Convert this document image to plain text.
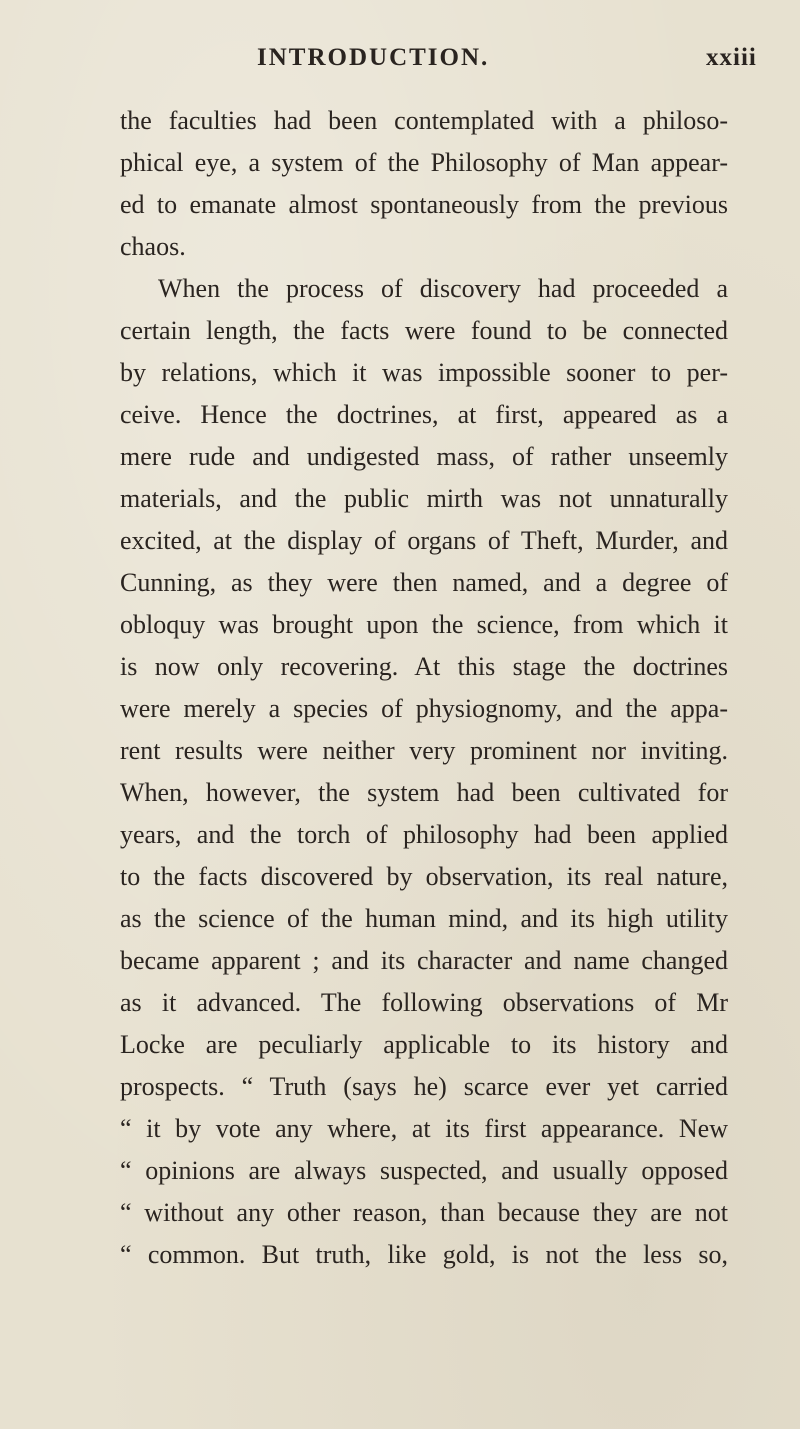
INTRODUCTION.	xxiii
the faculties had been contemplated with a philoso-
phical eye, a system of the Philosophy of Man appear-
ed to emanate almost spontaneously from the previous
chaos.
When the process of discovery had proceeded a
certain length, the facts were found to be connected
by relations, which it was impossible sooner to per-
ceive. Hence the doctrines, at first, appeared as a
mere rude and undigested mass, of rather unseemly
materials, and the public mirth was not unnaturally
excited, at the display of organs of Theft, Murder, and
Cunning, as they were then named, and a degree of
obloquy was brought upon the science, from which it
is now only recovering. At this stage the doctrines
were merely a species of physiognomy, and the appa-
rent results were neither very prominent nor inviting.
When, however, the system had been cultivated for
years, and the torch of philosophy had been applied
to the facts discovered by observation, its real nature,
as the science of the human mind, and its high utility
became apparent ; and its character and name changed
as it advanced. The following observations of Mr
Locke are peculiarly applicable to its history and
prospects. “ Truth (says he) scarce ever yet carried
“ it by vote any where, at its first appearance. New
“ opinions are always suspected, and usually opposed
“ without any other reason, than because they are not
“ common. But truth, like gold, is not the less so,
